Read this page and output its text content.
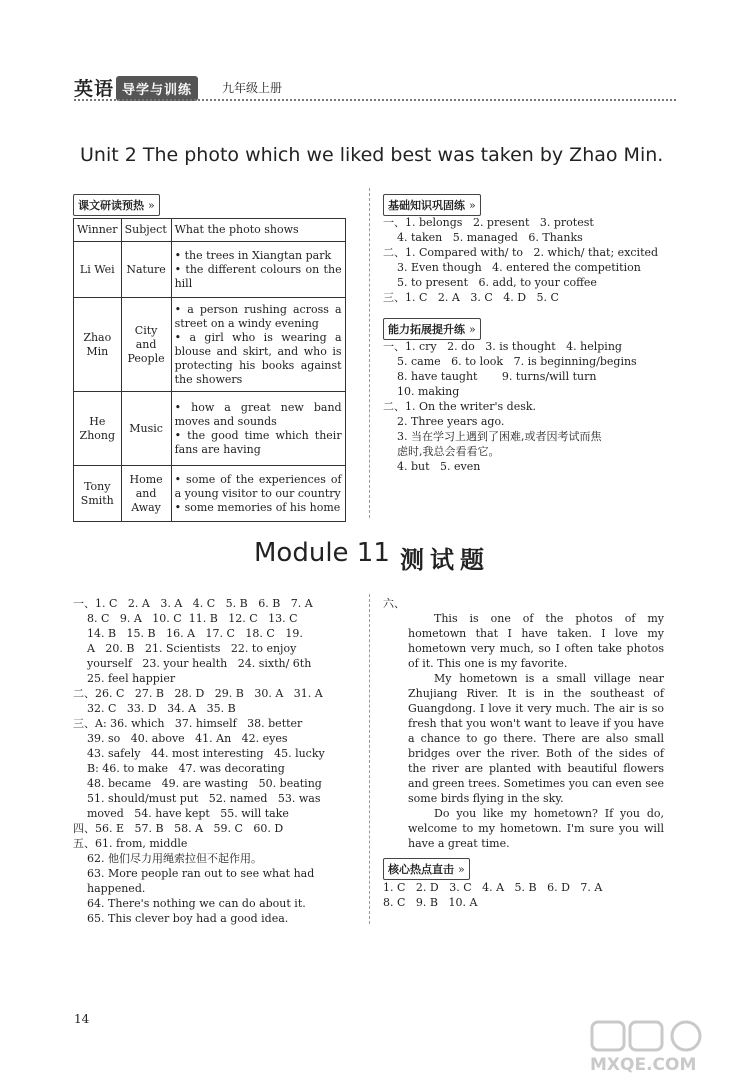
英语 导学与训练	九年级上册
Unit 2 The photo which we liked best was taken by Zhao Min.
课文研读预热 »
Winner	Subject	What the photo shows
Li Wei	Nature	• the trees in Xiangtan park
• the different colours on the hill

Zhao Min	City and People	• a person rushing across a street on a windy evening
• a girl who is wearing a blouse and skirt, and who is protecting his books against the showers

He Zhong	Music	• how a great new band moves and sounds
• the good time which their fans are having

Tony Smith	Home and Away	• some of the experiences of a young visitor to our country
• some memories of his home
基础知识巩固练 »
一、1. belongs   2. present   3. protest
4. taken   5. managed   6. Thanks
二、1. Compared with/ to   2. which/ that; excited
3. Even though   4. entered the competition
5. to present   6. add, to your coffee
三、1. C   2. A   3. C   4. D   5. C
能力拓展提升练 »
一、1. cry   2. do   3. is thought   4. helping
5. came   6. to look   7. is beginning/begins
8. have taught       9. turns/will turn
10. making
二、1. On the writer's desk.
2. Three years ago.
3. 当在学习上遇到了困难,或者因考试而焦
虑时,我总会看看它。
4. but   5. even
Module 11 测试题
一、1. C   2. A   3. A   4. C   5. B   6. B   7. A
8. C   9. A   10. C  11. B   12. C   13. C
14. B   15. B   16. A   17. C   18. C   19.
A   20. B   21. Scientists   22. to enjoy
yourself   23. your health   24. sixth/ 6th
25. feel happier
二、26. C   27. B   28. D   29. B   30. A   31. A
32. C   33. D   34. A   35. B
三、A: 36. which   37. himself   38. better
39. so   40. above   41. An   42. eyes
43. safely   44. most interesting   45. lucky
B: 46. to make   47. was decorating
48. became   49. are wasting   50. beating
51. should/must put   52. named   53. was
moved   54. have kept   55. will take
四、56. E   57. B   58. A   59. C   60. D
五、61. from, middle
62. 他们尽力用绳索拉但不起作用。
63. More people ran out to see what had
happened.
64. There's nothing we can do about it.
65. This clever boy had a good idea.
六、
This is one of the photos of my hometown that I have taken. I love my hometown very much, so I often take photos of it. This one is my favorite.
My hometown is a small village near Zhujiang River. It is in the southeast of Guangdong. I love it very much. The air is so fresh that you won't want to leave if you have a chance to go there. There are also small bridges over the river. Both of the sides of the river are planted with beautiful flowers and green trees. Sometimes you can even see some birds flying in the sky.
Do you like my hometown? If you do, welcome to my hometown. I'm sure you will have a great time.
核心热点直击 »
1. C   2. D   3. C   4. A   5. B   6. D   7. A
8. C   9. B   10. A
14
MXQE.COM
